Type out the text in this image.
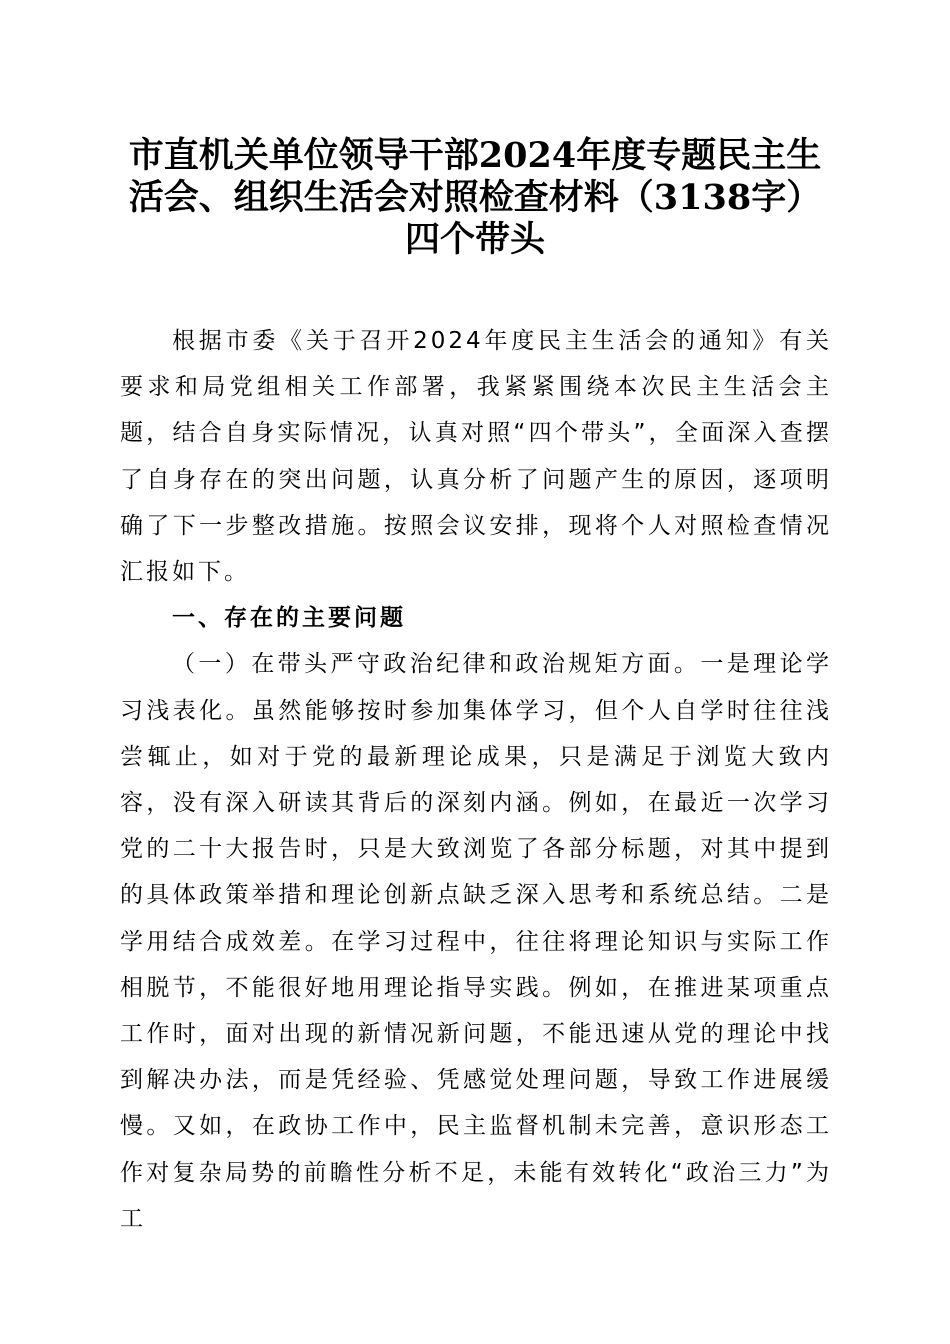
市直机关单位领导干部2024年度专题民主生
活会、组织生活会对照检查材料（3138字）
四个带头

根据市委《关于召开2024年度民主生活会的通知》有关要求和局党组相关工作部署，我紧紧围绕本次民主生活会主题，结合自身实际情况，认真对照“四个带头”，全面深入查摆了自身存在的突出问题，认真分析了问题产生的原因，逐项明确了下一步整改措施。按照会议安排，现将个人对照检查情况汇报如下。

一、存在的主要问题

（一）在带头严守政治纪律和政治规矩方面。一是理论学习浅表化。虽然能够按时参加集体学习，但个人自学时往往浅尝辄止，如对于党的最新理论成果，只是满足于浏览大致内容，没有深入研读其背后的深刻内涵。例如，在最近一次学习党的二十大报告时，只是大致浏览了各部分标题，对其中提到的具体政策举措和理论创新点缺乏深入思考和系统总结。二是学用结合成效差。在学习过程中，往往将理论知识与实际工作相脱节，不能很好地用理论指导实践。例如，在推进某项重点工作时，面对出现的新情况新问题，不能迅速从党的理论中找到解决办法，而是凭经验、凭感觉处理问题，导致工作进展缓慢。又如，在政协工作中，民主监督机制未完善，意识形态工作对复杂局势的前瞻性分析不足，未能有效转化“政治三力”为工
